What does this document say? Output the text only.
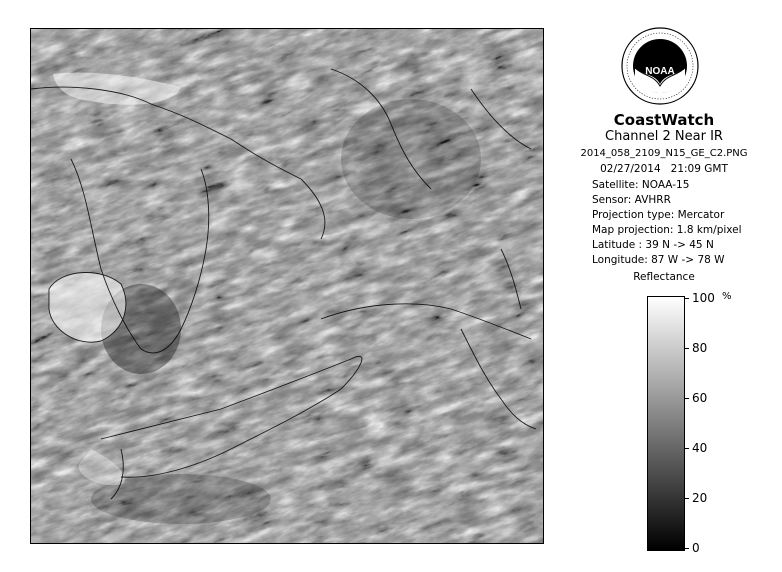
NOAA
CoastWatch
Channel 2 Near IR
2014_058_2109_N15_GE_C2.PNG
02/27/2014 21:09 GMT
Satellite: NOAA-15
Sensor: AVHRR
Projection type: Mercator
Map projection: 1.8 km/pixel
Latitude : 39 N -> 45 N
Longitude: 87 W -> 78 W
Reflectance
%
100
80
60
40
20
0
